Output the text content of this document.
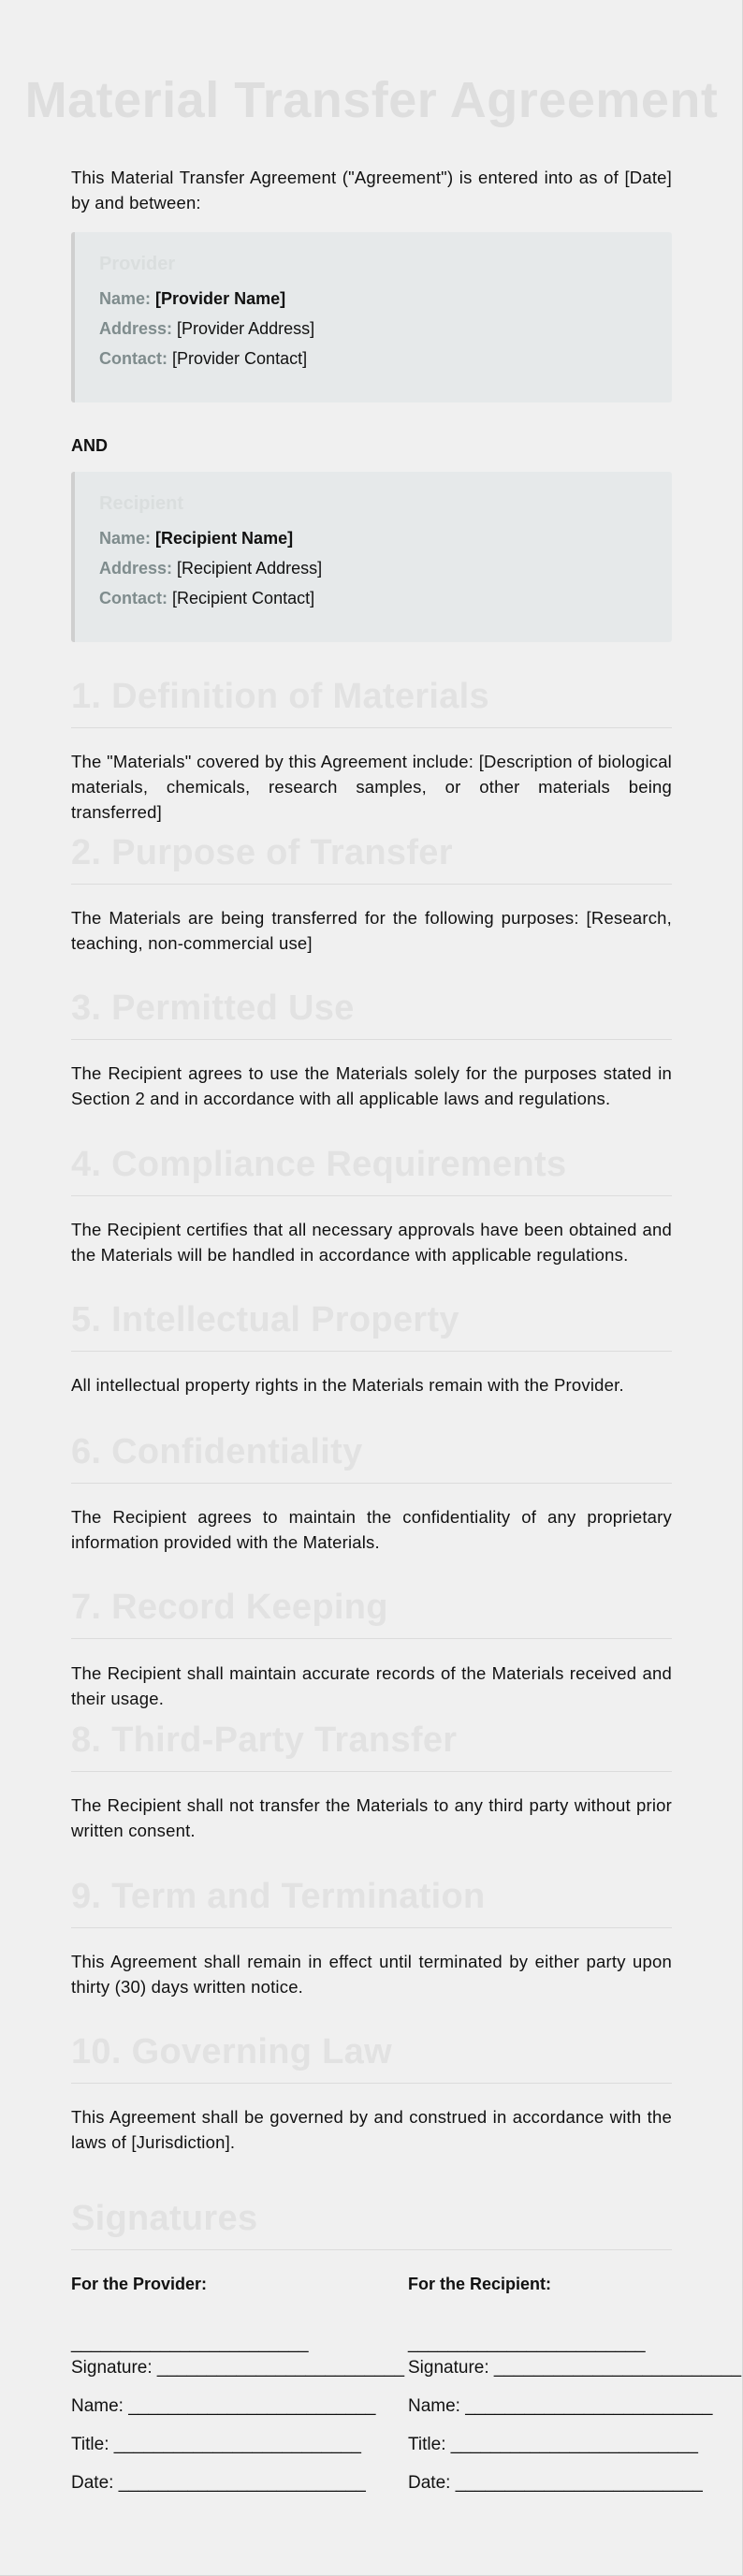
Material Transfer Agreement

This Material Transfer Agreement ("Agreement") is entered into as of [Date] by and between:

Provider

Name: [Provider Name]

Address: [Provider Address]

Contact: [Provider Contact]

AND

Recipient

Name: [Recipient Name]

Address: [Recipient Address]

Contact: [Recipient Contact]

1. Definition of Materials

The "Materials" covered by this Agreement include: [Description of biological materials, chemicals, research samples, or other materials being transferred]

2. Purpose of Transfer

The Materials are being transferred for the following purposes: [Research, teaching, non-commercial use]

3. Permitted Use

The Recipient agrees to use the Materials solely for the purposes stated in Section 2 and in accordance with all applicable laws and regulations.

4. Compliance Requirements

The Recipient certifies that all necessary approvals have been obtained and the Materials will be handled in accordance with applicable regulations.

5. Intellectual Property

All intellectual property rights in the Materials remain with the Provider.

6. Confidentiality

The Recipient agrees to maintain the confidentiality of any proprietary information provided with the Materials.

7. Record Keeping

The Recipient shall maintain accurate records of the Materials received and their usage.

8. Third-Party Transfer

The Recipient shall not transfer the Materials to any third party without prior written consent.

9. Term and Termination

This Agreement shall remain in effect until terminated by either party upon thirty (30) days written notice.

10. Governing Law

This Agreement shall be governed by and construed in accordance with the laws of [Jurisdiction].

Signatures

For the Provider:

________________________

Signature: _________________________

Name: _________________________

Title: _________________________

Date: _________________________

For the Recipient:

________________________

Signature: _________________________

Name: _________________________

Title: _________________________

Date: _________________________
